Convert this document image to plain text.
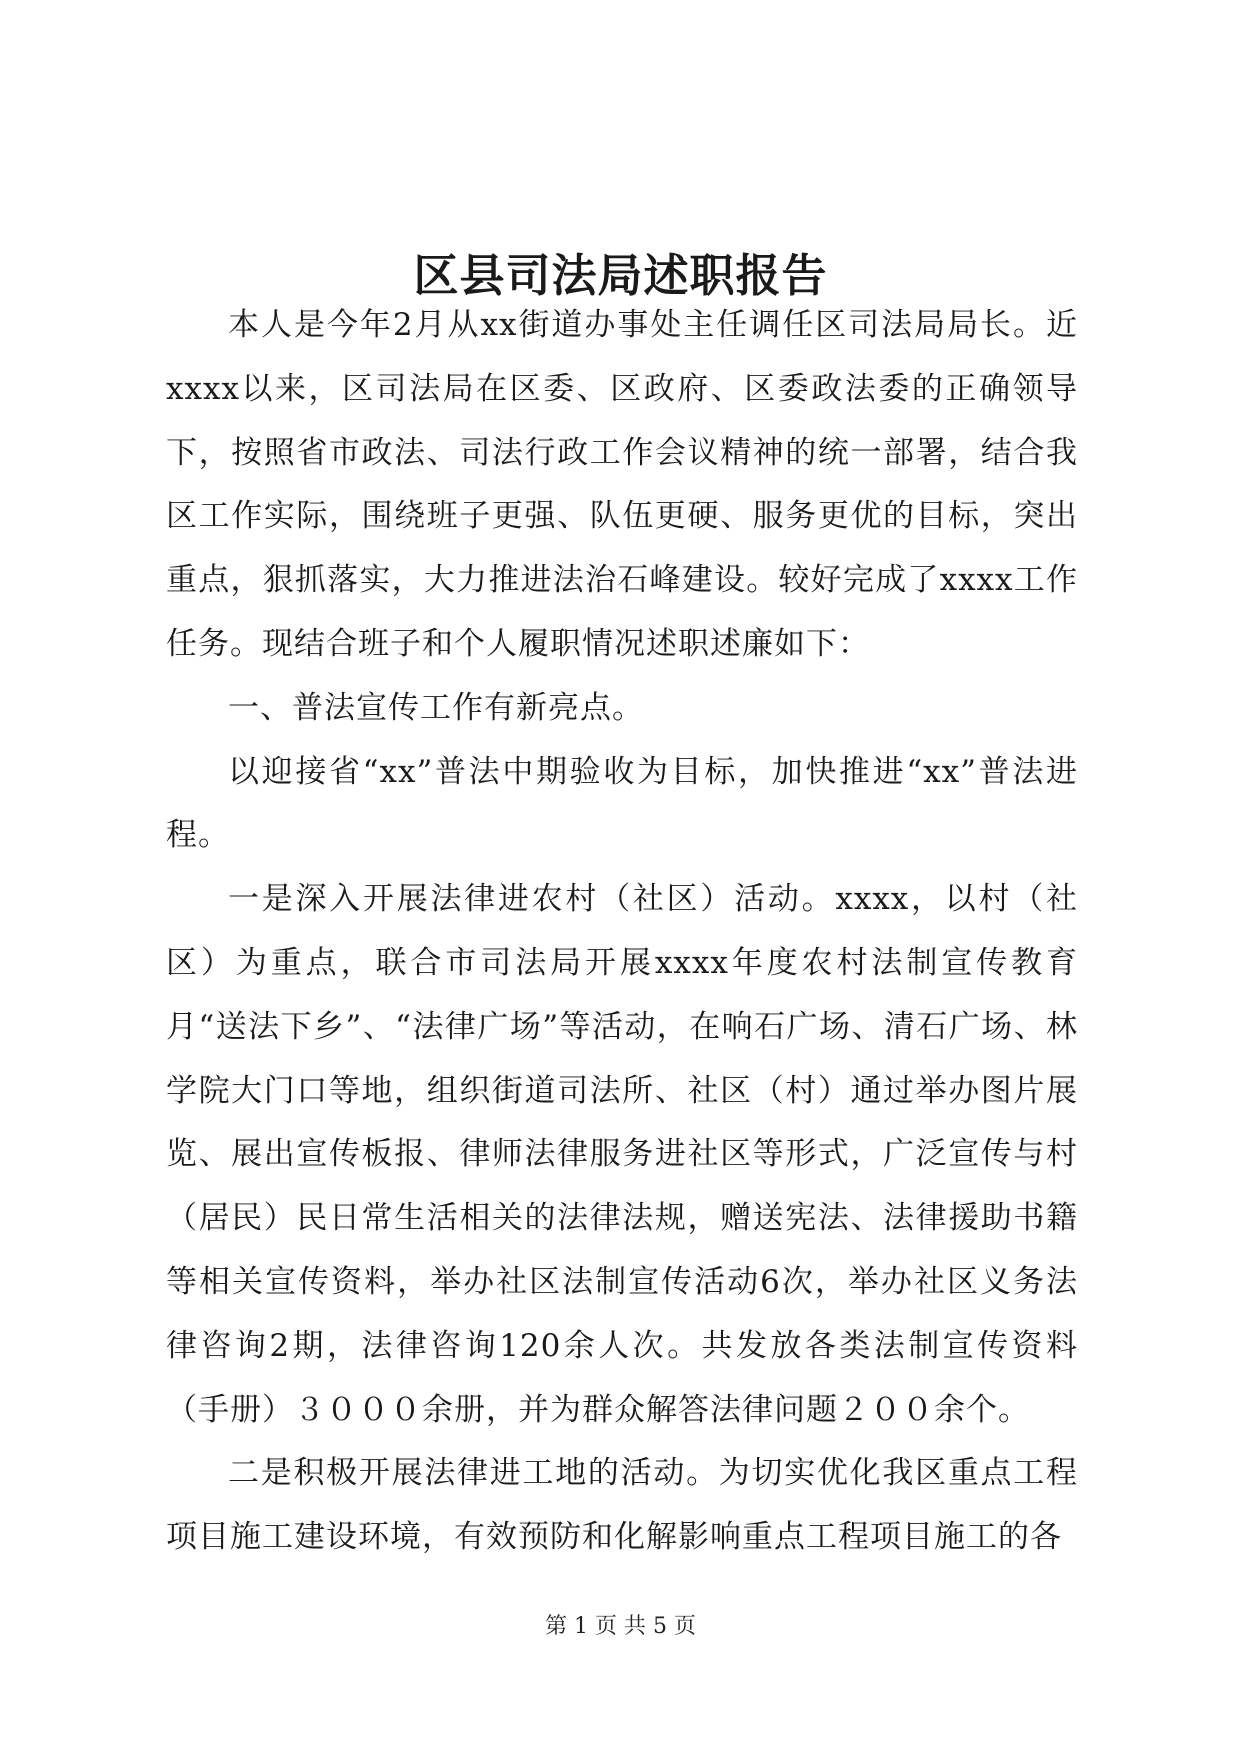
区县司法局述职报告

本人是今年2月从xx街道办事处主任调任区司法局局长。近xxxx以来，区司法局在区委、区政府、区委政法委的正确领导下，按照省市政法、司法行政工作会议精神的统一部署，结合我区工作实际，围绕班子更强、队伍更硬、服务更优的目标，突出重点，狠抓落实，大力推进法治石峰建设。较好完成了xxxx工作任务。现结合班子和个人履职情况述职述廉如下：

一、普法宣传工作有新亮点。

以迎接省“xx”普法中期验收为目标，加快推进“xx”普法进程。

一是深入开展法律进农村（社区）活动。xxxx，以村（社区）为重点，联合市司法局开展xxxx年度农村法制宣传教育月“送法下乡”、“法律广场”等活动，在响石广场、清石广场、林学院大门口等地，组织街道司法所、社区（村）通过举办图片展览、展出宣传板报、律师法律服务进社区等形式，广泛宣传与村（居民）民日常生活相关的法律法规，赠送宪法、法律援助书籍等相关宣传资料，举办社区法制宣传活动6次，举办社区义务法律咨询2期，法律咨询120余人次。共发放各类法制宣传资料（手册）３０００余册，并为群众解答法律问题２００余个。

二是积极开展法律进工地的活动。为切实优化我区重点工程项目施工建设环境，有效预防和化解影响重点工程项目施工的各

第 1 页 共 5 页
